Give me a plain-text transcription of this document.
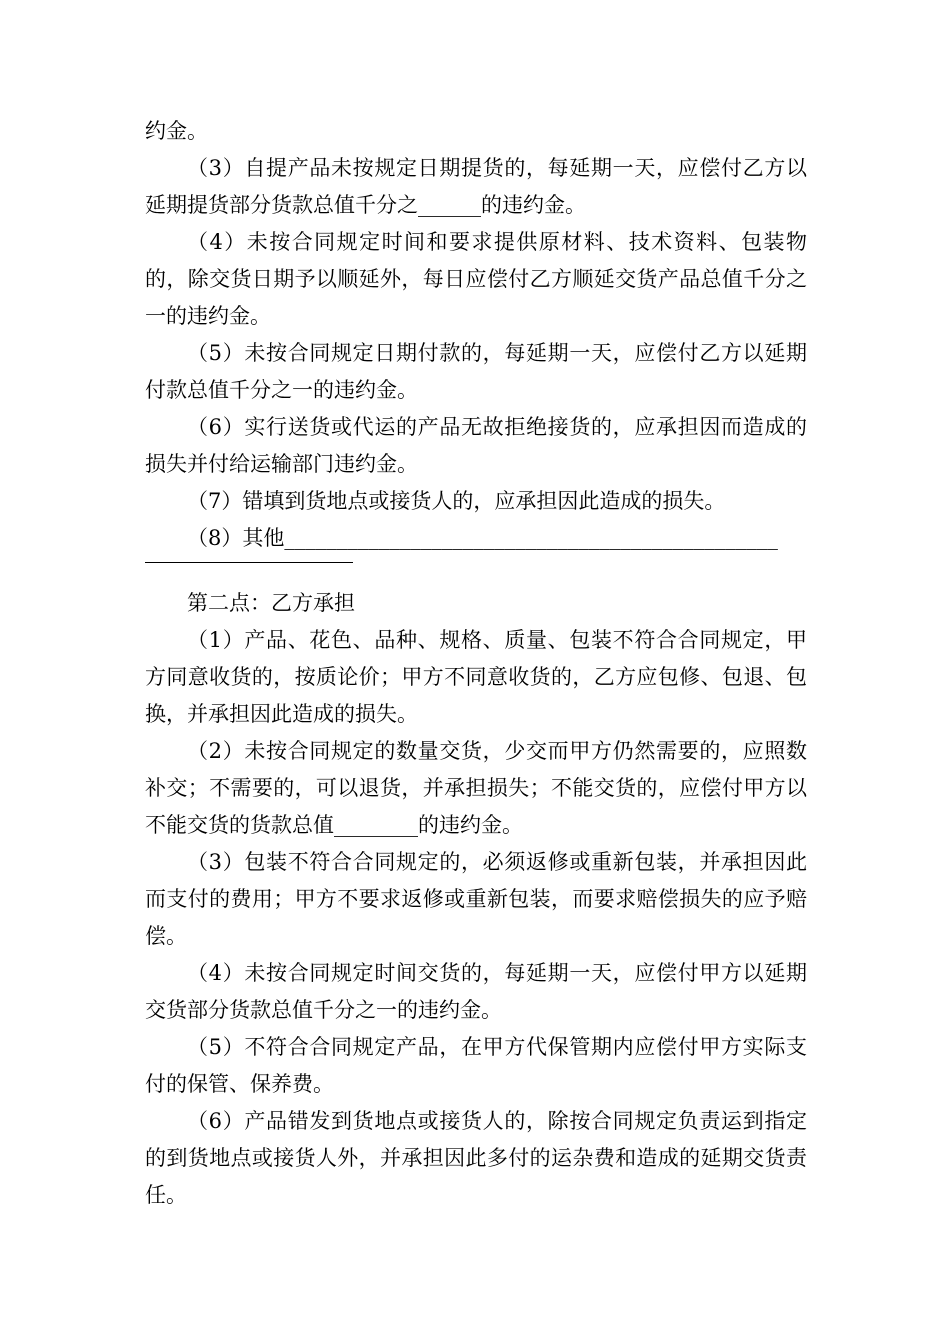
约金。

（3）自提产品未按规定日期提货的，每延期一天，应偿付乙方以延期提货部分货款总值千分之______的违约金。

（4）未按合同规定时间和要求提供原材料、技术资料、包装物的，除交货日期予以顺延外，每日应偿付乙方顺延交货产品总值千分之一的违约金。

（5）未按合同规定日期付款的，每延期一天，应偿付乙方以延期付款总值千分之一的违约金。

（6）实行送货或代运的产品无故拒绝接货的，应承担因而造成的损失并付给运输部门违约金。

（7）错填到货地点或接货人的，应承担因此造成的损失。

（8）其他_______________________________________________

第二点：乙方承担

（1）产品、花色、品种、规格、质量、包装不符合合同规定，甲方同意收货的，按质论价；甲方不同意收货的，乙方应包修、包退、包换，并承担因此造成的损失。

（2）未按合同规定的数量交货，少交而甲方仍然需要的，应照数补交；不需要的，可以退货，并承担损失；不能交货的，应偿付甲方以不能交货的货款总值________的违约金。

（3）包装不符合合同规定的，必须返修或重新包装，并承担因此而支付的费用；甲方不要求返修或重新包装，而要求赔偿损失的应予赔偿。

（4）未按合同规定时间交货的，每延期一天，应偿付甲方以延期交货部分货款总值千分之一的违约金。

（5）不符合合同规定产品，在甲方代保管期内应偿付甲方实际支付的保管、保养费。

（6）产品错发到货地点或接货人的，除按合同规定负责运到指定的到货地点或接货人外，并承担因此多付的运杂费和造成的延期交货责任。
